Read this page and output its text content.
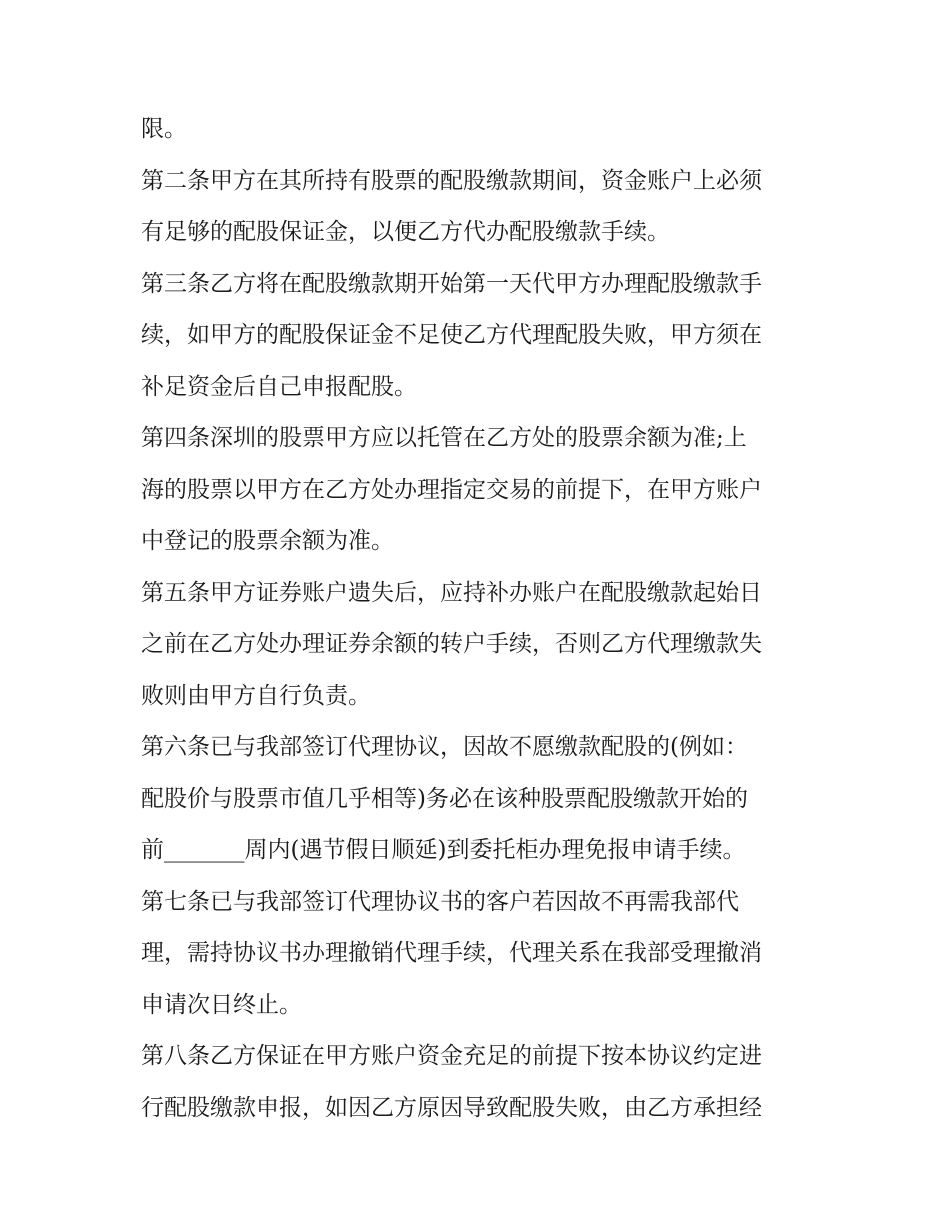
限。
第二条甲方在其所持有股票的配股缴款期间，资金账户上必须
有足够的配股保证金，以便乙方代办配股缴款手续。
第三条乙方将在配股缴款期开始第一天代甲方办理配股缴款手
续，如甲方的配股保证金不足使乙方代理配股失败，甲方须在
补足资金后自己申报配股。
第四条深圳的股票甲方应以托管在乙方处的股票余额为准;上
海的股票以甲方在乙方处办理指定交易的前提下，在甲方账户
中登记的股票余额为准。
第五条甲方证券账户遗失后，应持补办账户在配股缴款起始日
之前在乙方处办理证券余额的转户手续，否则乙方代理缴款失
败则由甲方自行负责。
第六条已与我部签订代理协议，因故不愿缴款配股的(例如：
配股价与股票市值几乎相等)务必在该种股票配股缴款开始的
前_______周内(遇节假日顺延)到委托柜办理免报申请手续。
第七条已与我部签订代理协议书的客户若因故不再需我部代
理，需持协议书办理撤销代理手续，代理关系在我部受理撤消
申请次日终止。
第八条乙方保证在甲方账户资金充足的前提下按本协议约定进
行配股缴款申报，如因乙方原因导致配股失败，由乙方承担经
